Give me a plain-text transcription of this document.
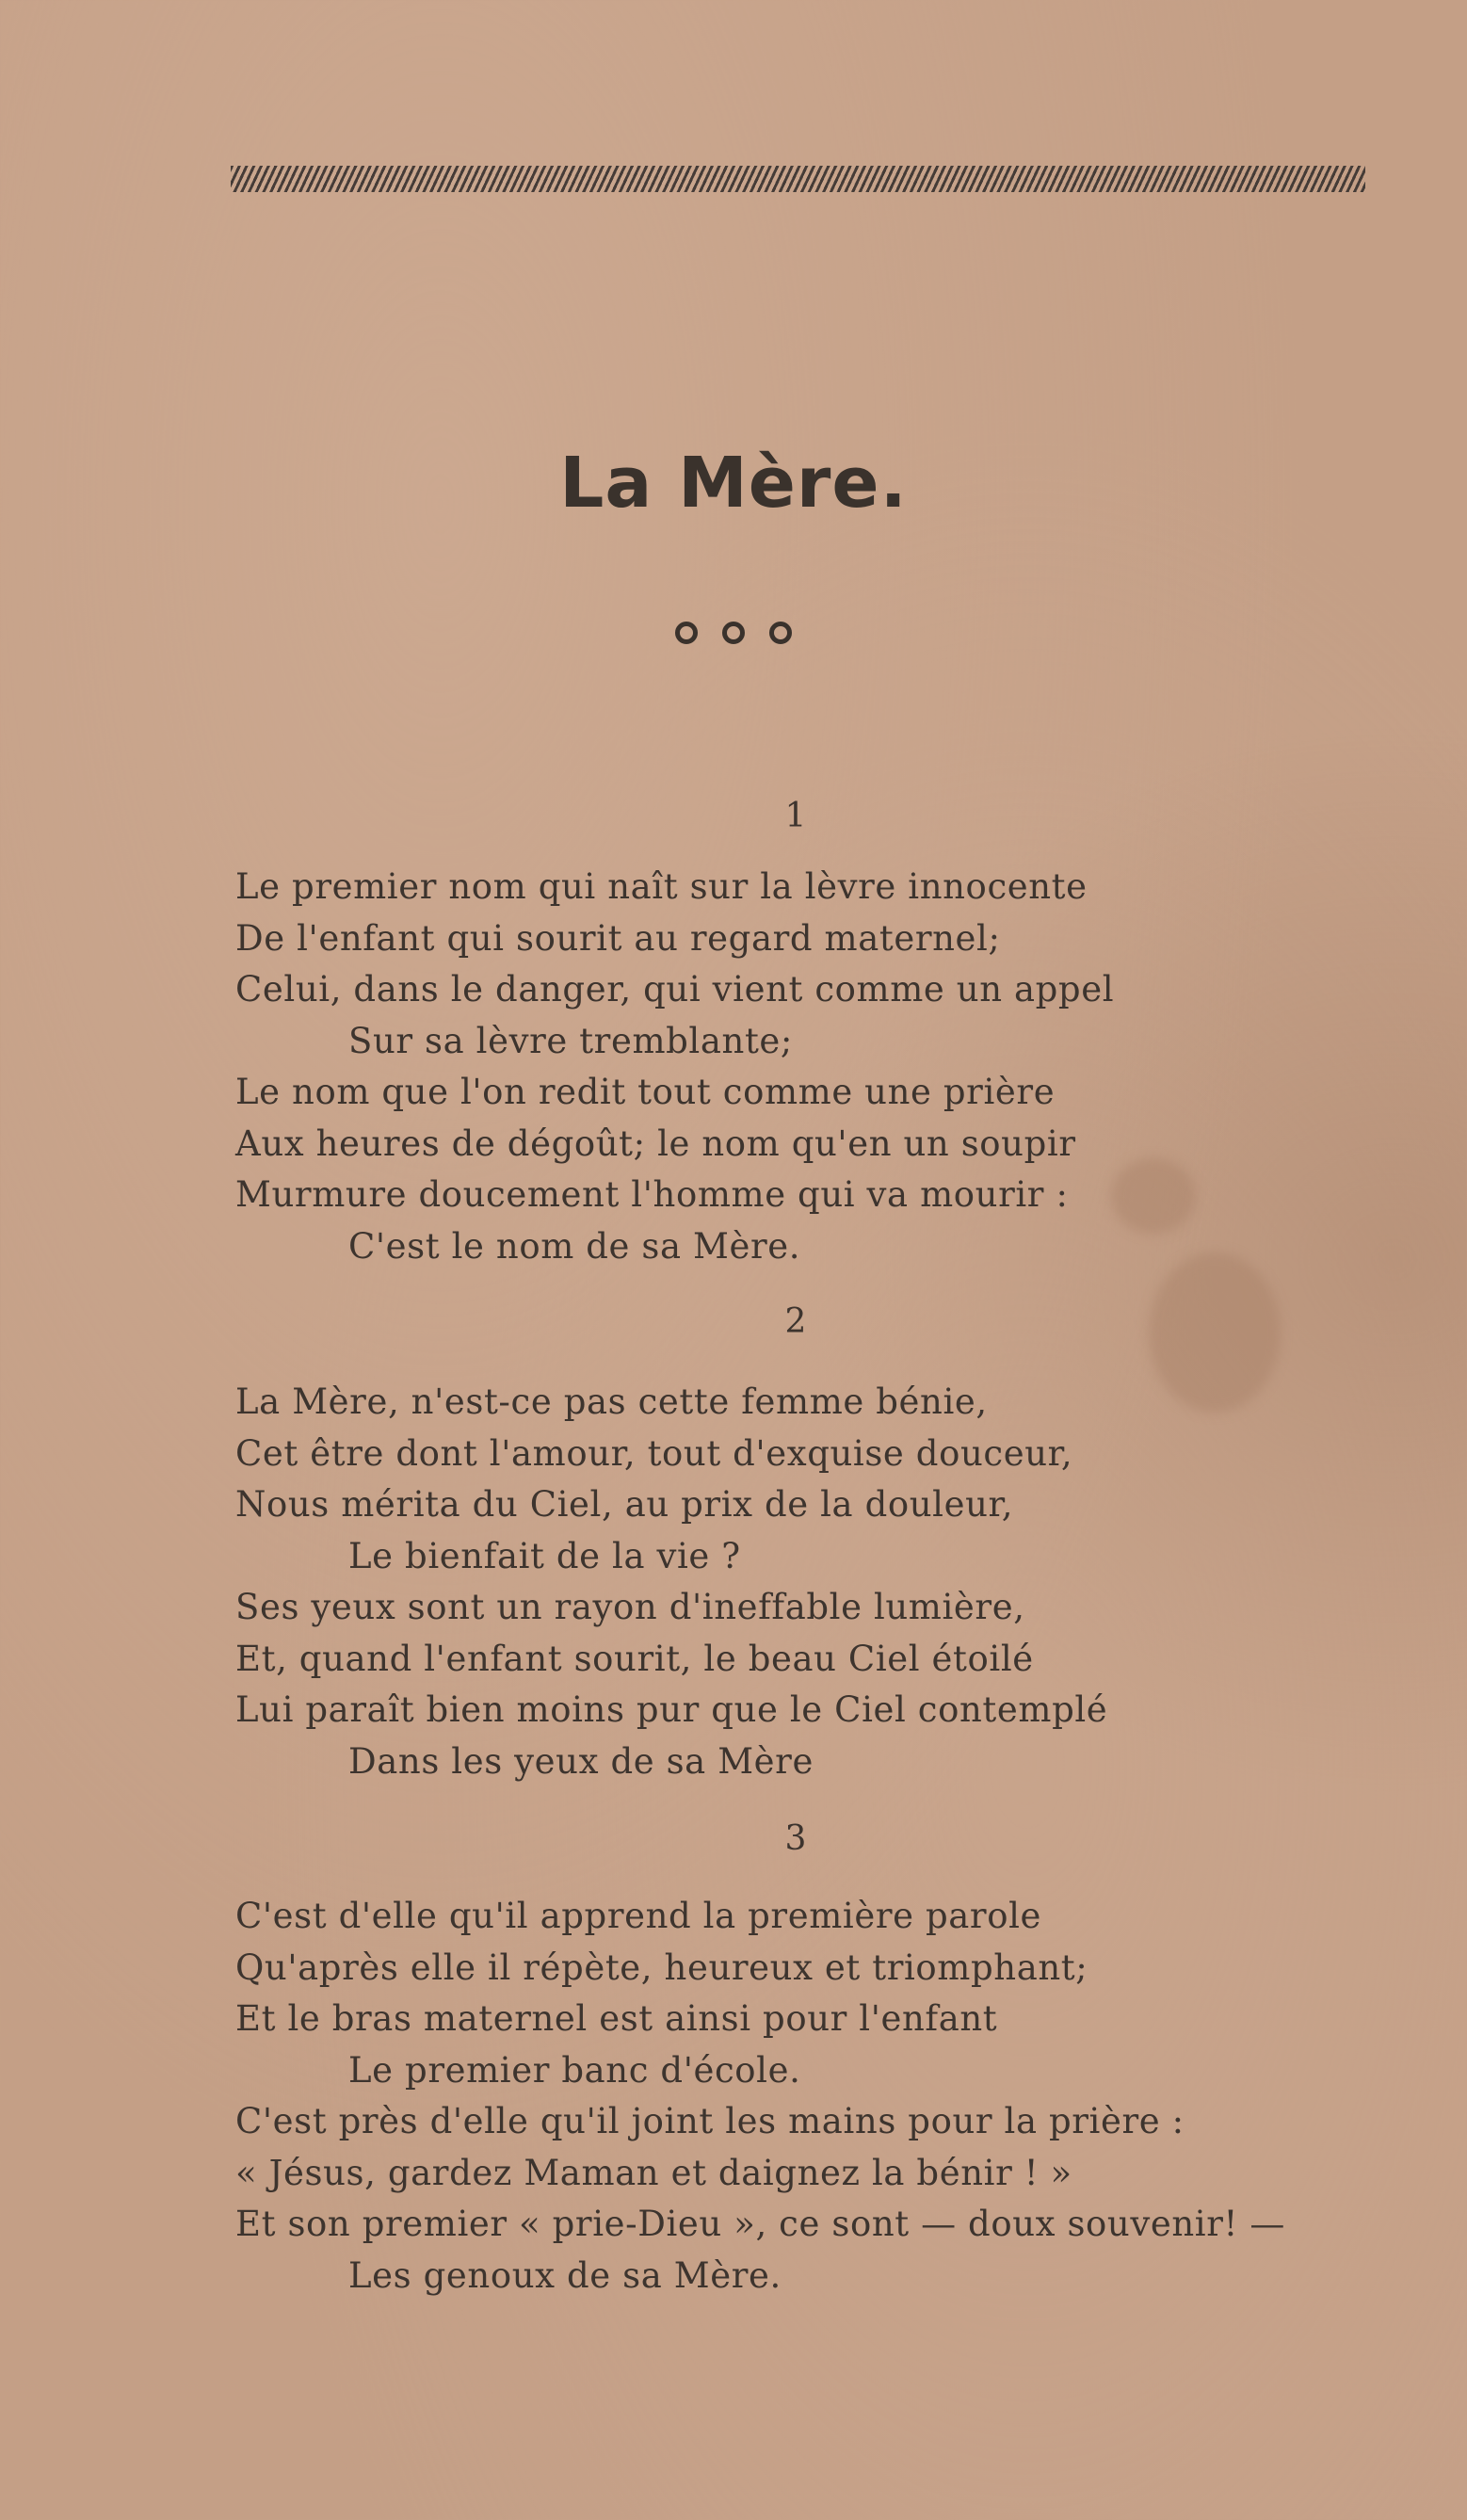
La Mère.
1
Le premier nom qui naît sur la lèvre innocente
De l'enfant qui sourit au regard maternel;
Celui, dans le danger, qui vient comme un appel
Sur sa lèvre tremblante;
Le nom que l'on redit tout comme une prière
Aux heures de dégoût; le nom qu'en un soupir
Murmure doucement l'homme qui va mourir :
C'est le nom de sa Mère.
2
La Mère, n'est-ce pas cette femme bénie,
Cet être dont l'amour, tout d'exquise douceur,
Nous mérita du Ciel, au prix de la douleur,
Le bienfait de la vie ?
Ses yeux sont un rayon d'ineffable lumière,
Et, quand l'enfant sourit, le beau Ciel étoilé
Lui paraît bien moins pur que le Ciel contemplé
Dans les yeux de sa Mère
3
C'est d'elle qu'il apprend la première parole
Qu'après elle il répète, heureux et triomphant;
Et le bras maternel est ainsi pour l'enfant
Le premier banc d'école.
C'est près d'elle qu'il joint les mains pour la prière :
« Jésus, gardez Maman et daignez la bénir ! »
Et son premier « prie-Dieu », ce sont — doux souvenir! —
Les genoux de sa Mère.
